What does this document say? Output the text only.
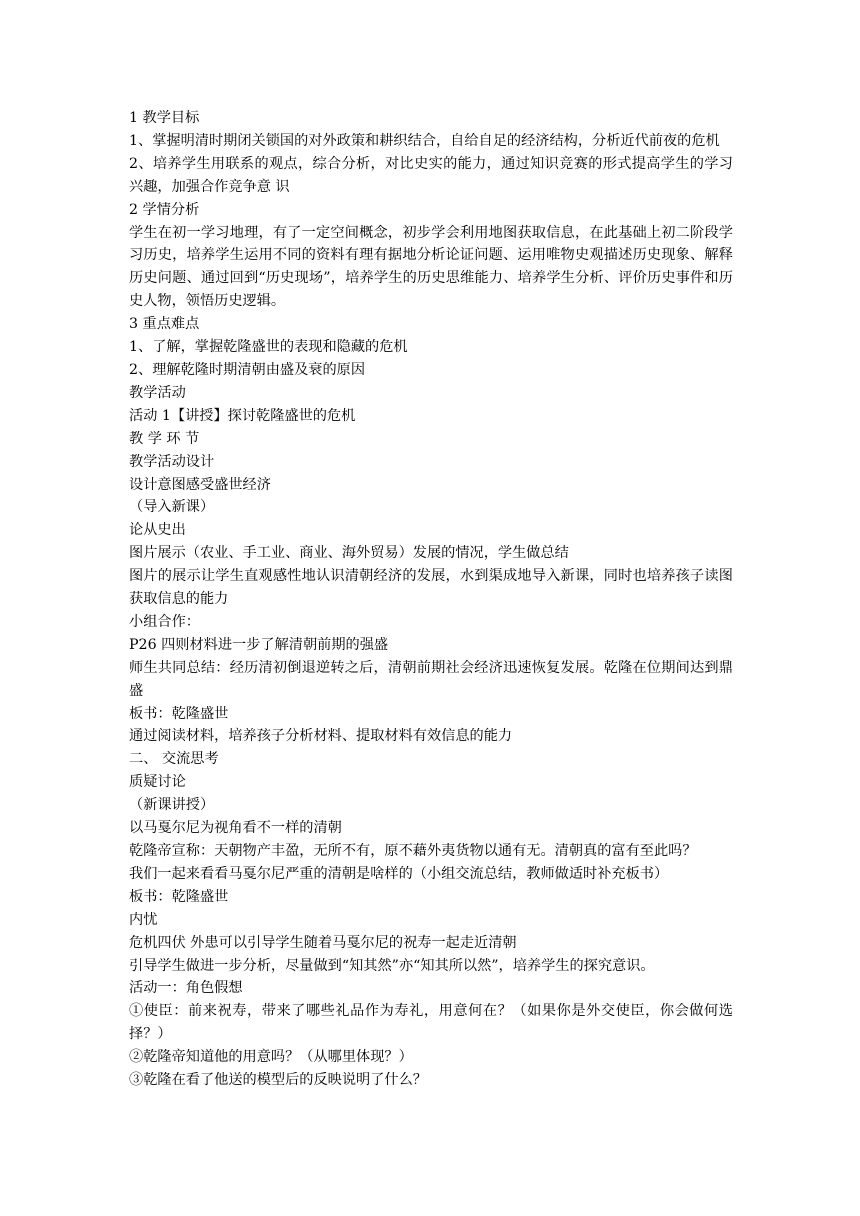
1 教学目标
1、掌握明清时期闭关锁国的对外政策和耕织结合，自给自足的经济结构，分析近代前夜的危机
2、培养学生用联系的观点，综合分析，对比史实的能力，通过知识竞赛的形式提高学生的学习兴趣，加强合作竞争意 识
2 学情分析
学生在初一学习地理，有了一定空间概念，初步学会利用地图获取信息，在此基础上初二阶段学习历史，培养学生运用不同的资料有理有据地分析论证问题、运用唯物史观描述历史现象、解释历史问题、通过回到“历史现场”，培养学生的历史思维能力、培养学生分析、评价历史事件和历史人物，领悟历史逻辑。
3 重点难点
1、了解，掌握乾隆盛世的表现和隐藏的危机
2、理解乾隆时期清朝由盛及衰的原因
教学活动
活动 1【讲授】探讨乾隆盛世的危机
教 学 环 节
教学活动设计
设计意图感受盛世经济
（导入新课）
论从史出
图片展示（农业、手工业、商业、海外贸易）发展的情况，学生做总结
图片的展示让学生直观感性地认识清朝经济的发展，水到渠成地导入新课，同时也培养孩子读图获取信息的能力
小组合作：
P26 四则材料进一步了解清朝前期的强盛
师生共同总结：经历清初倒退逆转之后，清朝前期社会经济迅速恢复发展。乾隆在位期间达到鼎盛
板书：乾隆盛世
通过阅读材料，培养孩子分析材料、提取材料有效信息的能力
二、 交流思考
质疑讨论
（新课讲授）
以马戛尔尼为视角看不一样的清朝
乾隆帝宣称：天朝物产丰盈，无所不有，原不藉外夷货物以通有无。清朝真的富有至此吗？
我们一起来看看马戛尔尼严重的清朝是啥样的（小组交流总结，教师做适时补充板书）
板书：乾隆盛世
内忧
危机四伏 外患可以引导学生随着马戛尔尼的祝寿一起走近清朝
引导学生做进一步分析，尽量做到“知其然”亦“知其所以然”，培养学生的探究意识。
活动一：角色假想
①使臣：前来祝寿，带来了哪些礼品作为寿礼，用意何在？（如果你是外交使臣，你会做何选择？）
②乾隆帝知道他的用意吗？（从哪里体现？）
③乾隆在看了他送的模型后的反映说明了什么？
